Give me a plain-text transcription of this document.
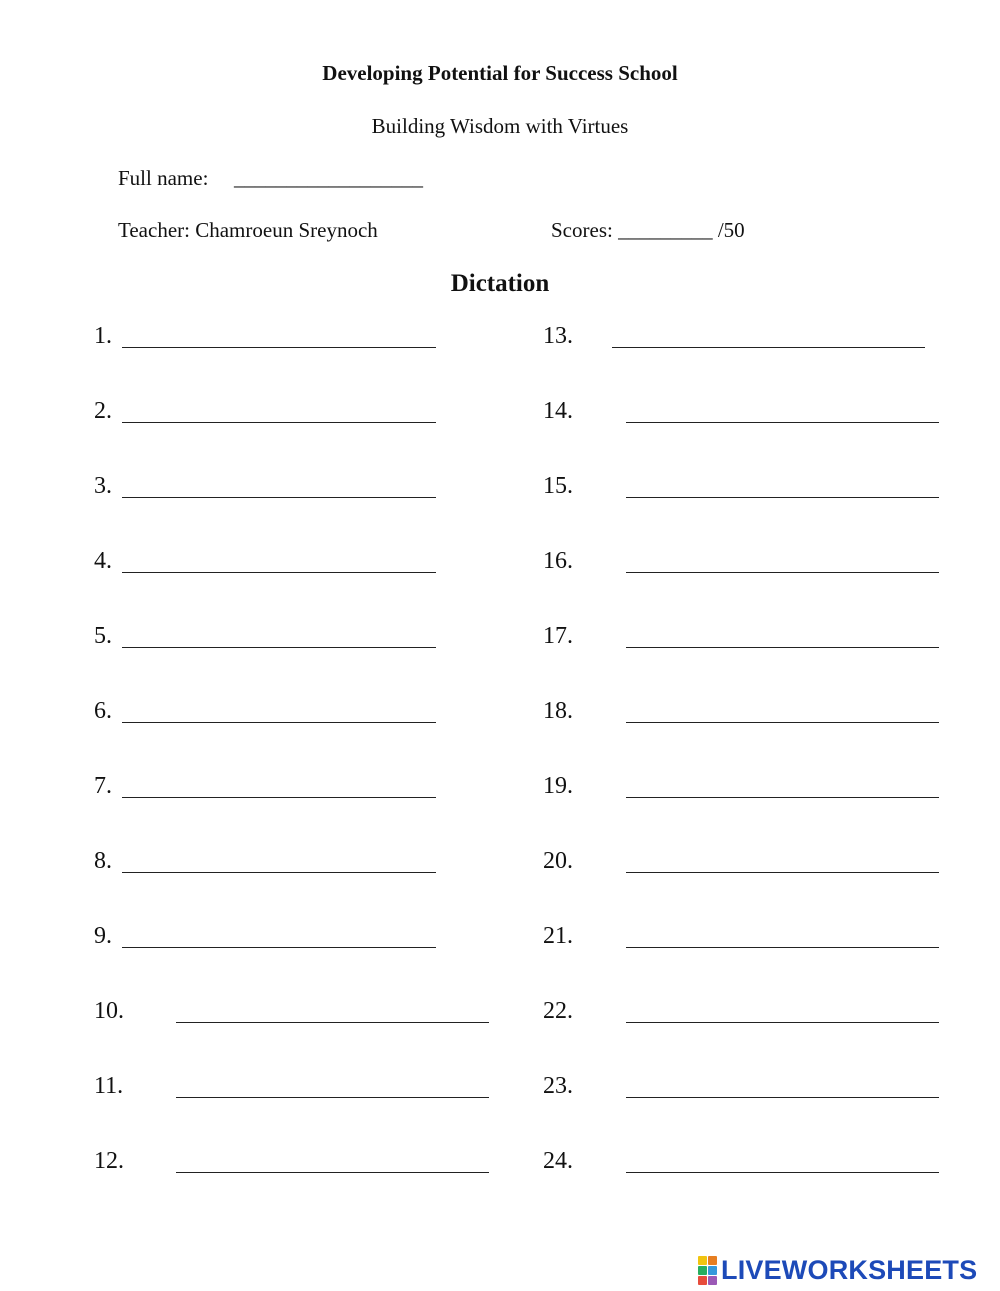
Developing Potential for Success School
Building Wisdom with Virtues
Full name: __________________
Teacher: Chamroeun Sreynoch	Scores: _________ /50
Dictation
1.
2.
3.
4.
5.
6.
7.
8.
9.
10.
11.
12.
13.
14.
15.
16.
17.
18.
19.
20.
21.
22.
23.
24.
LIVEWORKSHEETS
